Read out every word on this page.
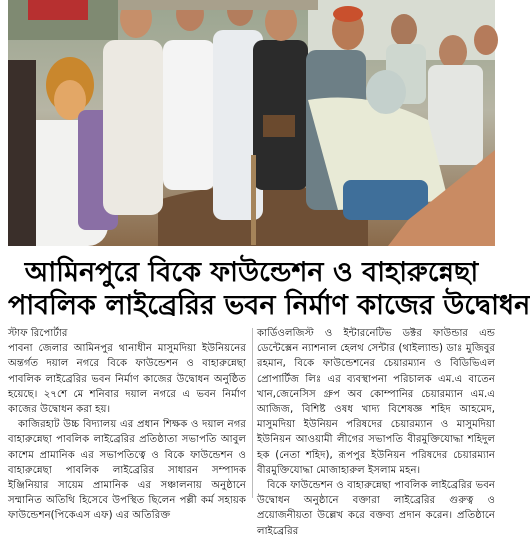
আমিনপুরে বিকে ফাউন্ডেশন ও বাহারুন্নেছা
পাবলিক লাইব্রেরির ভবন নির্মাণ কাজের উদ্বোধন
স্টাফ রিপোর্টার

পাবনা জেলার আমিনপুর থানাধীন মাসুমদিয়া ইউনিয়নের অন্তর্গত দয়াল নগরে বিকে ফাউন্ডেশন ও বাহারুন্নেছা পাবলিক লাইব্রেরির ভবন নির্মাণ কাজের উদ্বোধন অনুষ্ঠিত হয়েছে। ২৭শে মে শনিবার দয়াল নগরে এ ভবন নির্মাণ কাজের উদ্বোধন করা হয়।

কাজিরহাট উচ্চ বিদ্যালয় এর প্রধান শিক্ষক ও দয়াল নগর বাহারুন্নেছা পাবলিক লাইব্রেরির প্রতিষ্ঠাতা সভাপতি আবুল কাশেম প্রামানিক এর সভাপতিত্বে ও বিকে ফাউন্ডেশন ও বাহারুন্নেছা পাবলিক লাইব্রেরির সাধারন সম্পাদক ইঞ্জিনিয়ার সায়েম প্রামানিক এর সঞ্চালনায় অনুষ্ঠানে সম্মানিত অতিথি হিসেবে উপস্থিত ছিলেন পল্লী কর্ম সহায়ক ফাউন্ডেশন(পিকেএস এফ) এর অতিরিক্ত

কার্ডিওলজিস্ট ও ইন্টারনেটিভ ডক্টর ফাউন্ডার এন্ড ডেন্টেক্সেন ন্যাশনাল হেলথ সেন্টার (থাইল্যান্ড) ডাঃ মুজিবুর রহমান, বিকে ফাউন্ডেশনের চেয়ারম্যান ও বিডিভিএল প্রোপার্টিজ লিঃ এর ব্যবস্থাপনা পরিচালক এম.এ বাতেন খান,জেনেসিস গ্রুপ অব কোম্পানির চেয়ারম্যান এম.এ আজিজ, বিশিষ্ট ওষধ খাদ্য বিশেষজ্ঞ শহিদ আহমেদ, মাসুমদিয়া ইউনিয়ন পরিষদের চেয়ারম্যান ও মাসুমদিয়া ইউনিয়ন আওয়ামী লীগের সভাপতি বীরমুক্তিযোদ্ধা শহিদুল হক (নেতা শহিদ), রূপপুর ইউনিয়ন পরিষদের চেয়ারম্যান বীরমুক্তিযোদ্ধা মোজাহারুল ইসলাম মহন।

বিকে ফাউন্ডেশন ও বাহারুন্নেছা পাবলিক লাইব্রেরির ভবন উদ্বোধন অনুষ্ঠানে বক্তারা লাইব্রেরির গুরুত্ব ও প্রয়োজনীয়তা উল্লেখ করে বক্তব্য প্রদান করেন। প্রতিষ্ঠানে লাইব্রেরির
